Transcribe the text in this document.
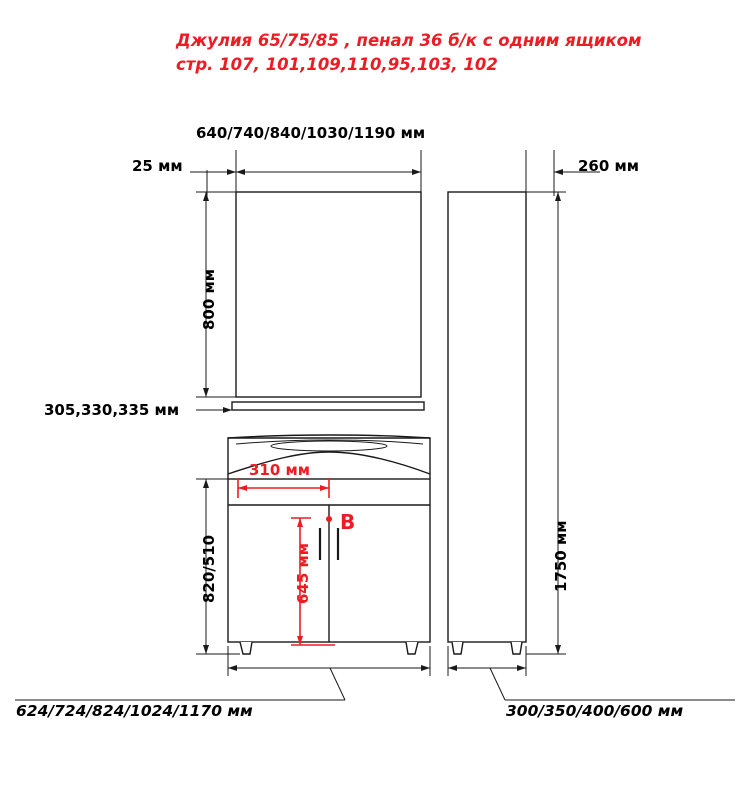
Джулия 65/75/85 , пенал 36 б/к с одним ящиком
стр. 107, 101,109,110,95,103, 102
640/740/840/1030/1190 мм
25 мм	260 мм
800 мм
305,330,335 мм
820/510	1750 мм
310 мм
645 мм
B
624/724/824/1024/1170 мм	300/350/400/600 мм
